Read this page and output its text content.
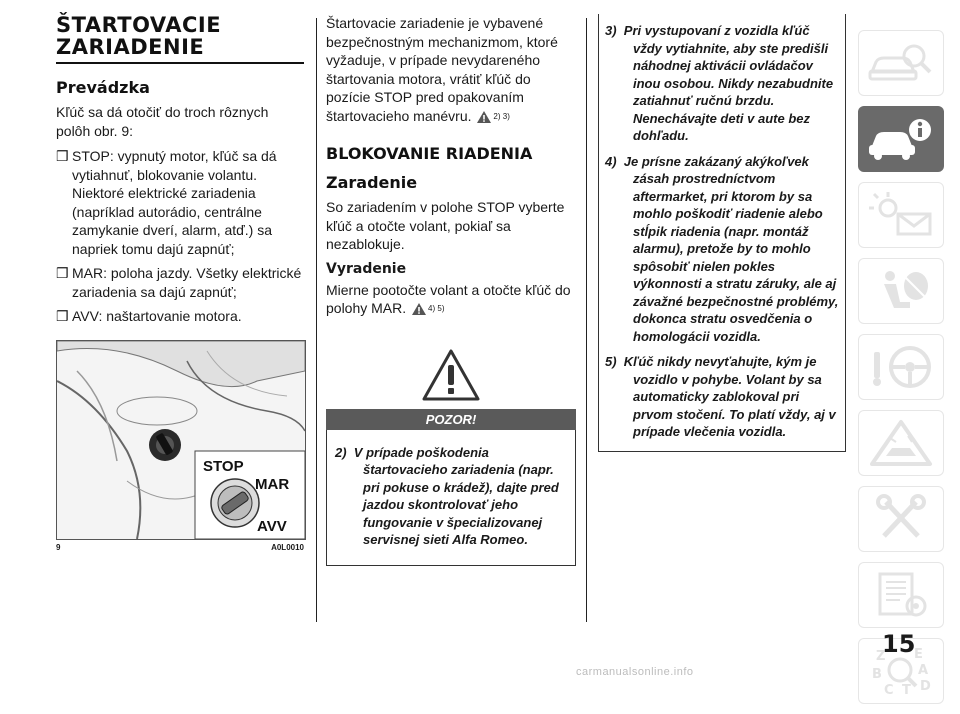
ŠTARTOVACIE
ZARIADENIE
Prevádzka

Kľúč sa dá otočiť do troch rôznych polôh obr. 9:

❒ STOP: vypnutý motor, kľúč sa dá vytiahnuť, blokovanie volantu. Niektoré elektrické zariadenia (napríklad autorádio, centrálne zamykanie dverí, alarm, atď.) sa napriek tomu dajú zapnúť;
❒ MAR: poloha jazdy. Všetky elektrické zariadenia sa dajú zapnúť;
❒ AVV: naštartovanie motora.
STOP
MAR
AVV
9	A0L0010

Štartovacie zariadenie je vybavené bezpečnostným mechanizmom, ktoré vyžaduje, v prípade nevydareného štartovania motora, vrátiť kľúč do pozície STOP pred opakovaním štartovacieho manévru.	$^{2) 3)}$

BLOKOVANIE RIADENIA
Zaradenie

So zariadením v polohe STOP vyberte kľúč a otočte volant, pokiaľ sa nezablokuje.

Vyradenie

Mierne pootočte volant a otočte kľúč do polohy MAR.	$^{4) 5)}$

POZOR!

2) V prípade poškodenia štartovacieho zariadenia (napr. pri pokuse o krádež), dajte pred jazdou skontrolovať jeho fungovanie v špecializovanej servisnej sieti Alfa Romeo.

3) Pri vystupovaní z vozidla kľúč vždy vytiahnite, aby ste predišli náhodnej aktivácii ovládačov inou osobou. Nikdy nezabudnite zatiahnuť ručnú brzdu. Nenechávajte deti v aute bez dohľadu.

4) Je prísne zakázaný akýkoľvek zásah prostredníctvom aftermarket, pri ktorom by sa mohlo poškodiť riadenie alebo stĺpik riadenia (napr. montáž alarmu), pretože by to mohlo spôsobiť nielen pokles výkonnosti a stratu záruky, ale aj závažné bezpečnostné problémy, dokonca stratu osvedčenia o homologácii vozidla.

5) Kľúč nikdy nevyťahujte, kým je vozidlo v pohybe. Volant by sa automaticky zablokoval pri prvom stočení. To platí vždy, aj v prípade vlečenia vozidla.

Z E
B	A
C T D
15
carmanualsonline.info
